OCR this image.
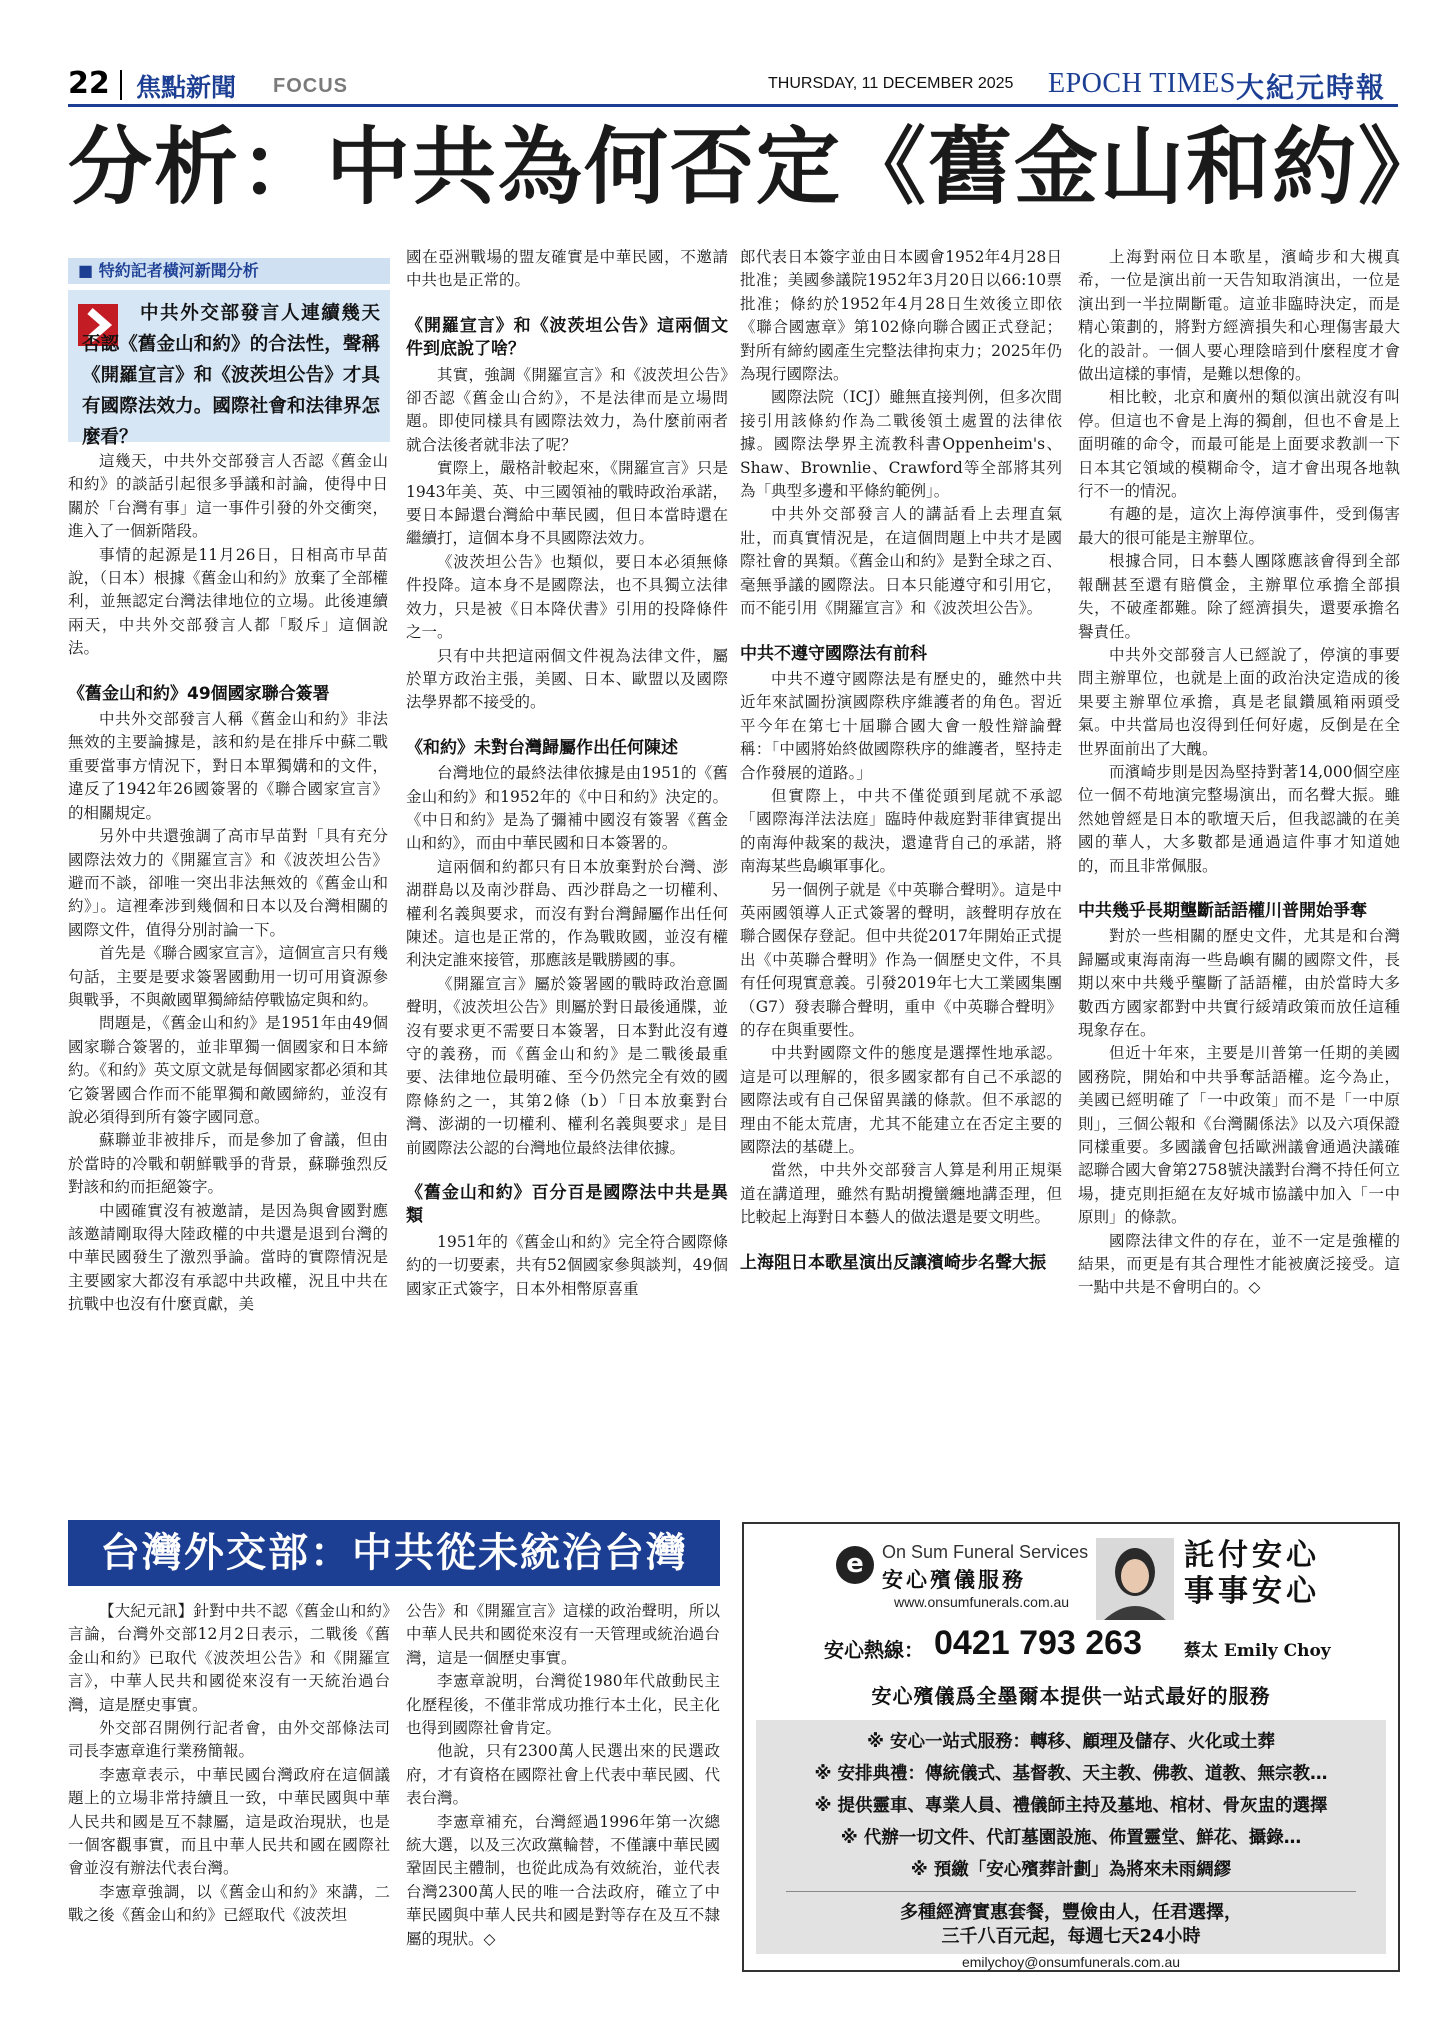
22 焦點新聞 FOCUS	THURSDAY, 11 DECEMBER 2025 EPOCH TIMES 大紀元時報
分析：中共為何否定《舊金山和約》
■ 特約記者橫河新聞分析

中共外交部發言人連續幾天否認《舊金山和約》的合法性，聲稱《開羅宣言》和《波茨坦公告》才具有國際法效力。國際社會和法律界怎麼看？

這幾天，中共外交部發言人否認《舊金山和約》的談話引起很多爭議和討論，使得中日關於「台灣有事」這一事件引發的外交衝突，進入了一個新階段。

事情的起源是11月26日，日相高市早苗說，（日本）根據《舊金山和約》放棄了全部權利，並無認定台灣法律地位的立場。此後連續兩天，中共外交部發言人都「駁斥」這個說法。

《舊金山和約》49個國家聯合簽署

中共外交部發言人稱《舊金山和約》非法無效的主要論據是，該和約是在排斥中蘇二戰重要當事方情況下，對日本單獨媾和的文件，違反了1942年26國簽署的《聯合國家宣言》的相關規定。

另外中共還強調了高市早苗對「具有充分國際法效力的《開羅宣言》和《波茨坦公告》避而不談，卻唯一突出非法無效的《舊金山和約》」。這裡牽涉到幾個和日本以及台灣相關的國際文件，值得分別討論一下。

首先是《聯合國家宣言》，這個宣言只有幾句話，主要是要求簽署國動用一切可用資源參與戰爭，不與敵國單獨締結停戰協定與和約。

問題是，《舊金山和約》是1951年由49個國家聯合簽署的，並非單獨一個國家和日本締約。《和約》英文原文就是每個國家都必須和其它簽署國合作而不能單獨和敵國締約，並沒有說必須得到所有簽字國同意。

蘇聯並非被排斥，而是參加了會議，但由於當時的冷戰和朝鮮戰爭的背景，蘇聯強烈反對該和約而拒絕簽字。

中國確實沒有被邀請，是因為與會國對應該邀請剛取得大陸政權的中共還是退到台灣的中華民國發生了激烈爭論。當時的實際情況是主要國家大都沒有承認中共政權，況且中共在抗戰中也沒有什麼貢獻，美

國在亞洲戰場的盟友確實是中華民國，不邀請中共也是正常的。

《開羅宣言》和《波茨坦公告》這兩個文件到底說了啥？

其實，強調《開羅宣言》和《波茨坦公告》卻否認《舊金山合約》，不是法律而是立場問題。即使同樣具有國際法效力，為什麼前兩者就合法後者就非法了呢？

實際上，嚴格計較起來，《開羅宣言》只是1943年美、英、中三國領袖的戰時政治承諾，要日本歸還台灣給中華民國，但日本當時還在繼續打，這個本身不具國際法效力。

《波茨坦公告》也類似，要日本必須無條件投降。這本身不是國際法，也不具獨立法律效力，只是被《日本降伏書》引用的投降條件之一。

只有中共把這兩個文件視為法律文件，屬於單方政治主張，美國、日本、歐盟以及國際法學界都不接受的。

《和約》未對台灣歸屬作出任何陳述

台灣地位的最終法律依據是由1951的《舊金山和約》和1952年的《中日和約》決定的。《中日和約》是為了彌補中國沒有簽署《舊金山和約》，而由中華民國和日本簽署的。

這兩個和約都只有日本放棄對於台灣、澎湖群島以及南沙群島、西沙群島之一切權利、權利名義與要求，而沒有對台灣歸屬作出任何陳述。這也是正常的，作為戰敗國，並沒有權利決定誰來接管，那應該是戰勝國的事。

《開羅宣言》屬於簽署國的戰時政治意圖聲明，《波茨坦公告》則屬於對日最後通牒，並沒有要求更不需要日本簽署，日本對此沒有遵守的義務，而《舊金山和約》是二戰後最重要、法律地位最明確、至今仍然完全有效的國際條約之一，其第2條（b）「日本放棄對台灣、澎湖的一切權利、權利名義與要求」是目前國際法公認的台灣地位最終法律依據。

《舊金山和約》百分百是國際法中共是異類

1951年的《舊金山和約》完全符合國際條約的一切要素，共有52個國家參與談判，49個國家正式簽字，日本外相幣原喜重

郎代表日本簽字並由日本國會1952年4月28日批准；美國參議院1952年3月20日以66:10票批准；條約於1952年4月28日生效後立即依《聯合國憲章》第102條向聯合國正式登記；對所有締約國產生完整法律拘束力；2025年仍為現行國際法。

國際法院（ICJ）雖無直接判例，但多次間接引用該條約作為二戰後領土處置的法律依據。國際法學界主流教科書Oppenheim's、Shaw、Brownlie、Crawford等全部將其列為「典型多邊和平條約範例」。

中共外交部發言人的講話看上去理直氣壯，而真實情況是，在這個問題上中共才是國際社會的異類。《舊金山和約》是對全球之百、毫無爭議的國際法。日本只能遵守和引用它，而不能引用《開羅宣言》和《波茨坦公告》。

中共不遵守國際法有前科

中共不遵守國際法是有歷史的，雖然中共近年來試圖扮演國際秩序維護者的角色。習近平今年在第七十屆聯合國大會一般性辯論聲稱：「中國將始終做國際秩序的維護者，堅持走合作發展的道路。」

但實際上，中共不僅從頭到尾就不承認「國際海洋法法庭」臨時仲裁庭對菲律賓提出的南海仲裁案的裁決，還違背自己的承諾，將南海某些島嶼軍事化。

另一個例子就是《中英聯合聲明》。這是中英兩國領導人正式簽署的聲明，該聲明存放在聯合國保存登記。但中共從2017年開始正式提出《中英聯合聲明》作為一個歷史文件，不具有任何現實意義。引發2019年七大工業國集團（G7）發表聯合聲明，重申《中英聯合聲明》的存在與重要性。

中共對國際文件的態度是選擇性地承認。這是可以理解的，很多國家都有自己不承認的國際法或有自己保留異議的條款。但不承認的理由不能太荒唐，尤其不能建立在否定主要的國際法的基礎上。

當然，中共外交部發言人算是利用正規渠道在講道理，雖然有點胡攪蠻纏地講歪理，但比較起上海對日本藝人的做法還是要文明些。

上海阻日本歌星演出反讓濱崎步名聲大振

上海對兩位日本歌星，濱崎步和大槻真希，一位是演出前一天告知取消演出，一位是演出到一半拉閘斷電。這並非臨時決定，而是精心策劃的，將對方經濟損失和心理傷害最大化的設計。一個人要心理陰暗到什麼程度才會做出這樣的事情，是難以想像的。

相比較，北京和廣州的類似演出就沒有叫停。但這也不會是上海的獨創，但也不會是上面明確的命令，而最可能是上面要求教訓一下日本其它領域的模糊命令，這才會出現各地執行不一的情況。

有趣的是，這次上海停演事件，受到傷害最大的很可能是主辦單位。

根據合同，日本藝人團隊應該會得到全部報酬甚至還有賠償金，主辦單位承擔全部損失，不破產都難。除了經濟損失，還要承擔名譽責任。

中共外交部發言人已經說了，停演的事要問主辦單位，也就是上面的政治決定造成的後果要主辦單位承擔，真是老鼠鑽風箱兩頭受氣。中共當局也沒得到任何好處，反倒是在全世界面前出了大醜。

而濱崎步則是因為堅持對著14,000個空座位一個不苟地演完整場演出，而名聲大振。雖然她曾經是日本的歌壇天后，但我認識的在美國的華人，大多數都是通過這件事才知道她的，而且非常佩服。

中共幾乎長期壟斷話語權川普開始爭奪

對於一些相關的歷史文件，尤其是和台灣歸屬或東海南海一些島嶼有關的國際文件，長期以來中共幾乎壟斷了話語權，由於當時大多數西方國家都對中共實行綏靖政策而放任這種現象存在。

但近十年來，主要是川普第一任期的美國國務院，開始和中共爭奪話語權。迄今為止，美國已經明確了「一中政策」而不是「一中原則」，三個公報和《台灣關係法》以及六項保證同樣重要。多國議會包括歐洲議會通過決議確認聯合國大會第2758號決議對台灣不持任何立場，捷克則拒絕在友好城市協議中加入「一中原則」的條款。

國際法律文件的存在，並不一定是強權的結果，而更是有其合理性才能被廣泛接受。這一點中共是不會明白的。◇

台灣外交部：中共從未統治台灣

【大紀元訊】針對中共不認《舊金山和約》言論，台灣外交部12月2日表示，二戰後《舊金山和約》已取代《波茨坦公告》和《開羅宣言》，中華人民共和國從來沒有一天統治過台灣，這是歷史事實。

外交部召開例行記者會，由外交部條法司司長李憲章進行業務簡報。

李憲章表示，中華民國台灣政府在這個議題上的立場非常持續且一致，中華民國與中華人民共和國是互不隸屬，這是政治現狀，也是一個客觀事實，而且中華人民共和國在國際社會並沒有辦法代表台灣。

李憲章強調，以《舊金山和約》來講，二戰之後《舊金山和約》已經取代《波茨坦

公告》和《開羅宣言》這樣的政治聲明，所以中華人民共和國從來沒有一天管理或統治過台灣，這是一個歷史事實。

李憲章說明，台灣從1980年代啟動民主化歷程後，不僅非常成功推行本土化，民主化也得到國際社會肯定。

他說，只有2300萬人民選出來的民選政府，才有資格在國際社會上代表中華民國、代表台灣。

李憲章補充，台灣經過1996年第一次總統大選，以及三次政黨輪替，不僅讓中華民國鞏固民主體制，也從此成為有效統治，並代表台灣2300萬人民的唯一合法政府，確立了中華民國與中華人民共和國是對等存在及互不隸屬的現狀。◇

e	On Sum Funeral Services
安心殯儀服務
www.onsumfunerals.com.au
託付安心
事事安心
安心熱線： 0421 793 263 蔡太 Emily Choy
安心殯儀爲全墨爾本提供一站式最好的服務
※ 安心一站式服務：轉移、顧理及儲存、火化或土葬
※ 安排典禮：傳統儀式、基督教、天主教、佛教、道教、無宗教…
※ 提供靈車、專業人員、禮儀師主持及墓地、棺材、骨灰盅的選擇
※ 代辦一切文件、代訂墓園設施、佈置靈堂、鮮花、攝錄…
※ 預繳「安心殯葬計劃」為將來未雨綢繆
多種經濟實惠套餐，豐儉由人，任君選擇，
三千八百元起，每週七天24小時
emilychoy@onsumfunerals.com.au
